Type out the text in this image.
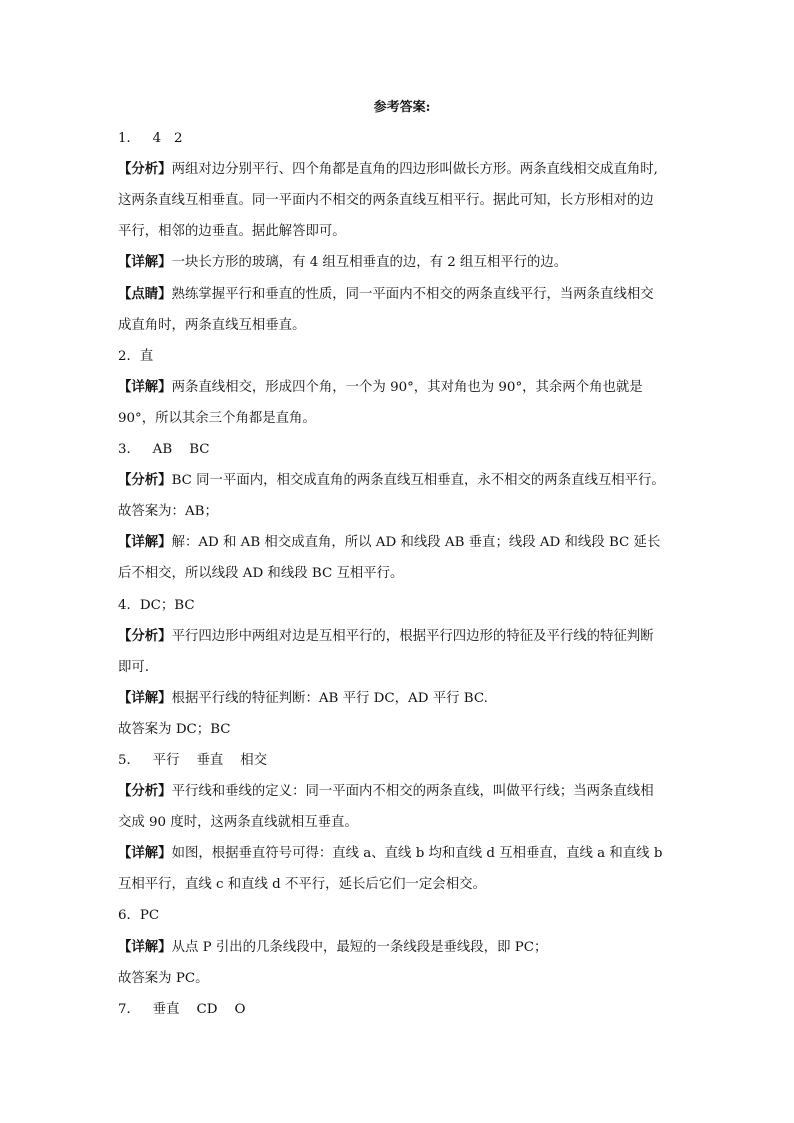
参考答案:
1．   4   2
【分析】两组对边分别平行、四个角都是直角的四边形叫做长方形。两条直线相交成直角时,
这两条直线互相垂直。同一平面内不相交的两条直线互相平行。据此可知，长方形相对的边
平行，相邻的边垂直。据此解答即可。
【详解】一块长方形的玻璃，有 4 组互相垂直的边，有 2 组互相平行的边。
【点睛】熟练掌握平行和垂直的性质，同一平面内不相交的两条直线平行，当两条直线相交
成直角时，两条直线互相垂直。
2．直
【详解】两条直线相交，形成四个角，一个为 90°，其对角也为 90°，其余两个角也就是
90°，所以其余三个角都是直角。
3．   AB    BC
【分析】BC 同一平面内，相交成直角的两条直线互相垂直，永不相交的两条直线互相平行。
故答案为：AB；
【详解】解：AD 和 AB 相交成直角，所以 AD 和线段 AB 垂直；线段 AD 和线段 BC 延长
后不相交，所以线段 AD 和线段 BC 互相平行。
4．DC；BC
【分析】平行四边形中两组对边是互相平行的，根据平行四边形的特征及平行线的特征判断
即可.
【详解】根据平行线的特征判断：AB 平行 DC，AD 平行 BC.
故答案为 DC；BC
5．   平行    垂直    相交
【分析】平行线和垂线的定义：同一平面内不相交的两条直线，叫做平行线；当两条直线相
交成 90 度时，这两条直线就相互垂直。
【详解】如图，根据垂直符号可得：直线 a、直线 b 均和直线 d 互相垂直，直线 a 和直线 b
互相平行，直线 c 和直线 d 不平行，延长后它们一定会相交。
6．PC
【详解】从点 P 引出的几条线段中，最短的一条线段是垂线段，即 PC；
故答案为 PC。
7．   垂直    CD    O
